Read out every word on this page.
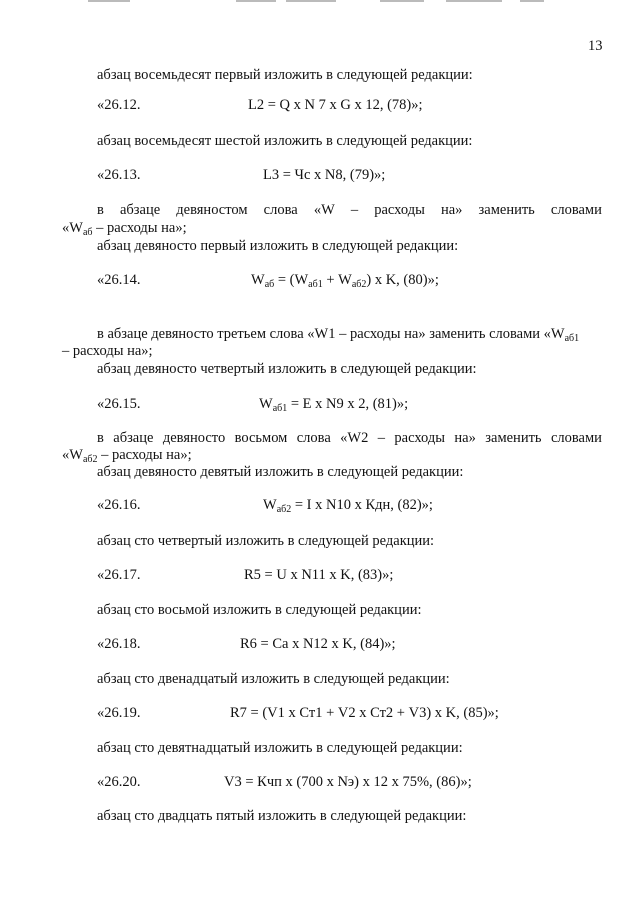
13
абзац восемьдесят первый изложить в следующей редакции:
«26.12.	L2 = Q x N 7 x G x 12, (78)»;
абзац восемьдесят шестой изложить в следующей редакции:
«26.13.	L3 = Чс x N8, (79)»;
в абзаце девяностом слова «W – расходы на» заменить словами
«$W_{аб}$ – расходы на»;
абзац девяносто первый изложить в следующей редакции:
«26.14.	$W_{аб} = (W_{аб1} + W_{аб2})$ x K, (80)»;
в абзаце девяносто третьем слова «W1 – расходы на» заменить словами «$W_{аб1}$
– расходы на»;
абзац девяносто четвертый изложить в следующей редакции:
«26.15.	$W_{аб1} = E$ x N9 x 2, (81)»;
в абзаце девяносто восьмом слова «W2 – расходы на» заменить словами
«$W_{аб2}$ – расходы на»;
абзац девяносто девятый изложить в следующей редакции:
«26.16.	$W_{аб2} = I$ x N10 x Кдн, (82)»;
абзац сто четвертый изложить в следующей редакции:
«26.17.	R5 = U x N11 x K, (83)»;
абзац сто восьмой изложить в следующей редакции:
«26.18.	R6 = Ca x N12 x K, (84)»;
абзац сто двенадцатый изложить в следующей редакции:
«26.19.	R7 = (V1 x Ст1 + V2 x Ст2 + V3) x K, (85)»;
абзац сто девятнадцатый изложить в следующей редакции:
«26.20.	V3 = Кчп x (700 x Nэ) x 12 x 75%, (86)»;
абзац сто двадцать пятый изложить в следующей редакции:
